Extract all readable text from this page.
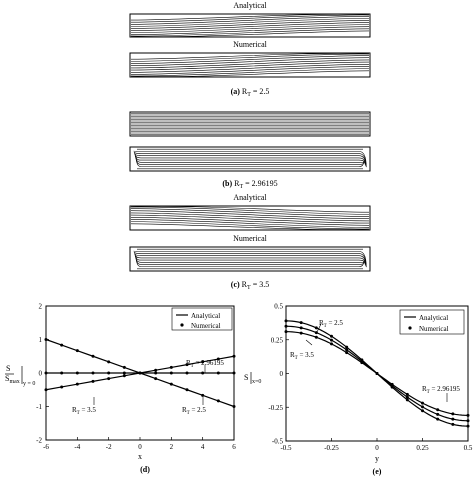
Analytical
Numerical
(a) $R_T = 2.5$
(b) $R_T = 2.96195$
Analytical
Numerical
(c) $R_T = 3.5$
-6	-4	-2	0	2	4	6
2
1
0
-1
-2
S
$S_{max}$ y = 0
x
Analytical
Numerical
$R_T = 2.96195$
$R_T = 3.5$	$R_T = 2.5$
(d)
-0.5	-0.25	0	0.25	0.5
0.5
0.25
0
-0.25
-0.5
S x=0
y
Analytical
Numerical
$R_T = 2.5$
$R_T = 3.5$
$R_T = 2.96195$
(e)
